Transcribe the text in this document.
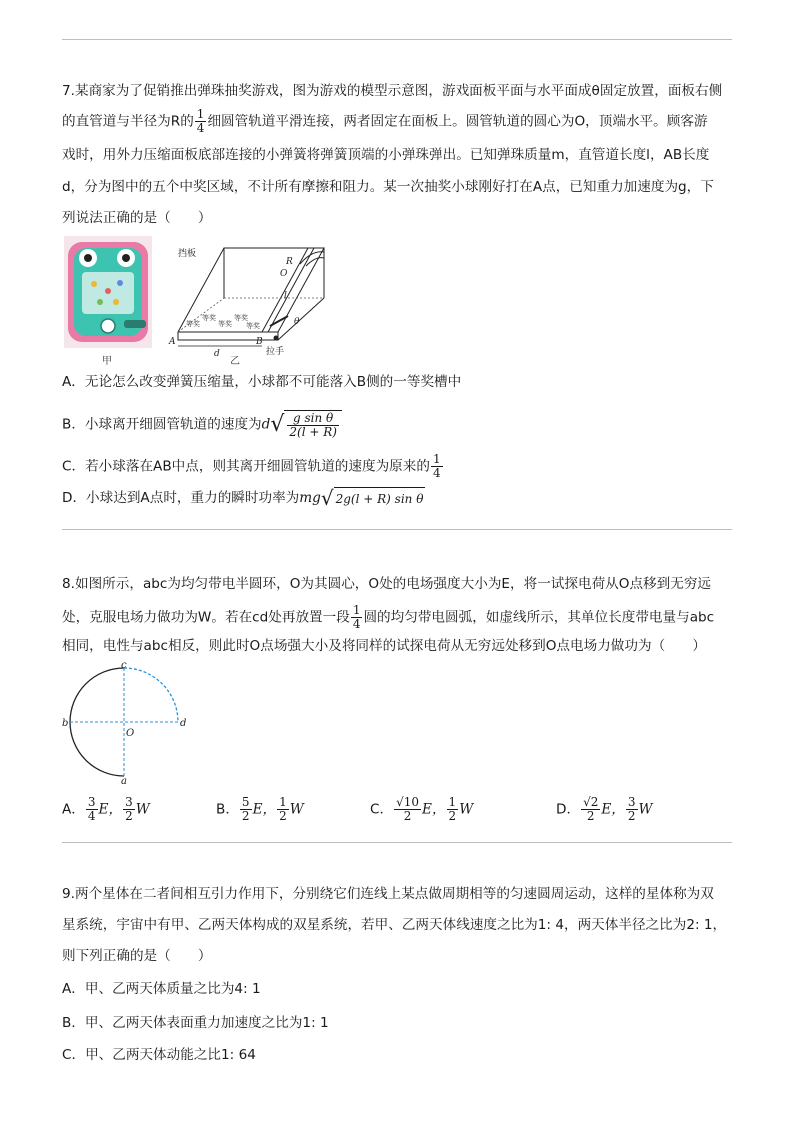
7.某商家为了促销推出弹珠抽奖游戏，图为游戏的模型示意图，游戏面板平面与水平面成θ固定放置，面板右侧
的直管道与半径为R的 $\frac{1}{4}$ 细圆管轨道平滑连接，两者固定在面板上。圆管轨道的圆心为O，顶端水平。顾客游
戏时，用外力压缩面板底部连接的小弹簧将弹簧顶端的小弹珠弹出。已知弹珠质量m，直管道长度l，AB长度
d，分为图中的五个中奖区域，不计所有摩擦和阻力。某一次抽奖小球刚好打在A点，已知重力加速度为g，下
列说法正确的是（　　）
甲
等奖
等奖
等奖
等奖
等奖
挡板
A	B
d
R
O
l
θ
拉手
乙
A．无论怎么改变弹簧压缩量，小球都不可能落入B侧的一等奖槽中
B．小球离开细圆管轨道的速度为$d√ \frac{\text{g sin θ}}{2(l + R)}$
C．若小球落在AB中点，则其离开细圆管轨道的速度为原来的 $\frac{1}{4}$
D．小球达到A点时，重力的瞬时功率为mg√ 2g(l + R) sin θ
8.如图所示，abc为均匀带电半圆环，O为其圆心，O处的电场强度大小为E，将一试探电荷从O点移到无穷远
处，克服电场力做功为W。若在cd处再放置一段 $\frac{1}{4}$ 圆的均匀带电圆弧，如虚线所示，其单位长度带电量与abc
相同，电性与abc相反，则此时O点场强大小及将同样的试探电荷从无穷远处移到O点电场力做功为（　　）
c
b	d
a
O
A． $\frac{3}{4}$ E， $\frac{3}{2}$ W	B． $\frac{5}{2}$ E， $\frac{1}{2}$ W	C． $\frac{√10}{2}$ E， $\frac{1}{2}$ W	D． $\frac{√2}{2}$ E， $\frac{3}{2}$ W
9.两个星体在二者间相互引力作用下，分别绕它们连线上某点做周期相等的匀速圆周运动，这样的星体称为双
星系统，宇宙中有甲、乙两天体构成的双星系统，若甲、乙两天体线速度之比为1: 4，两天体半径之比为2: 1，
则下列正确的是（　　）
A．甲、乙两天体质量之比为4: 1
B．甲、乙两天体表面重力加速度之比为1: 1
C．甲、乙两天体动能之比1: 64
